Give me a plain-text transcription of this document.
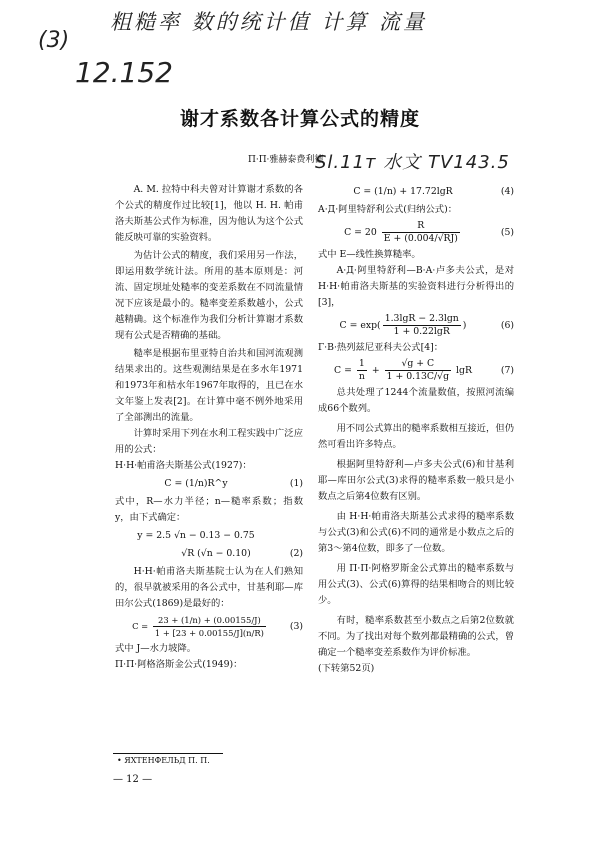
粗糙率 数的统计值 计算 流量
(3)
12.152
Sl.11т 水文 TV143.5
谢才系数各计算公式的精度
П·П·雅赫泰费利德

A. M. 拉特中科夫曾对计算谢才系数的各个公式的精度作过比较[1]，他以 H. H. 帕甫洛夫斯基公式作为标准，因为他认为这个公式能反映可靠的实验资料。

为估计公式的精度，我们采用另一作法，即运用数学统计法。所用的基本原则是：河流、固定坝址处糙率的变差系数在不同流量情况下应该是最小的。糙率变差系数越小，公式越精确。这个标准作为我们分析计算谢才系数现有公式是否精确的基础。

糙率是根据布里亚特自治共和国河流观测结果求出的。这些观测结果是在多水年1971和1973年和枯水年1967年取得的，且已在水文年鉴上发表[2]。在计算中毫不例外地采用了全部测出的流量。

计算时采用下列在水利工程实践中广泛应用的公式：

H·H·帕甫洛夫斯基公式(1927)：

C = (1/n)R^y	(1)

式中，R—水力半径；n—糙率系数；指数 y，由下式确定：

y = 2.5 √n − 0.13 − 0.75
√R (√n − 0.10)	(2)

H·H·帕甫洛夫斯基院士认为在人们熟知的，很早就被采用的各公式中，甘基利耶—库田尔公式(1869)是最好的：

$C = \frac{23 + (1/n) + (0.00155/J)}{1 + [23 + 0.00155/J](n/R)}$	(3)

式中 J—水力坡降。

П·П·阿格洛斯金公式(1949)：

C = (1/n) + 17.72lgR	(4)

A·Д·阿里特舒利公式(归纳公式)：

$C = 20 \frac{R}{E + (0.004/√RJ)}$	(5)

式中 E—线性换算糙率。

A·Д·阿里特舒利—B·A·卢多夫公式，是对 H·H·帕甫洛夫斯基的实验资料进行分析得出的[3]，

$C = \exp( \frac{1.3\lg R - 2.3\lg n}{1 + 0.22\lg R}$ )	(6)

Г·В·热列兹尼亚科夫公式[4]：

$C = \frac{1}{n} + \frac{√g + C}{1 + 0.13C/√g}$ lgR	(7)

总共处理了1244个流量数值，按照河流编成66个数列。

用不同公式算出的糙率系数相互接近，但仍然可看出许多特点。

根据阿里特舒利—卢多夫公式(6)和甘基利耶—库田尔公式(3)求得的糙率系数一般只是小数点之后第4位数有区别。

由 H·H·帕甫洛夫斯基公式求得的糙率系数与公式(3)和公式(6)不同的通常是小数点之后的第3～第4位数，即多了一位数。

用 П·П·阿格罗斯金公式算出的糙率系数与用公式(3)、公式(6)算得的结果相吻合的则比较少。

有时，糙率系数甚至小数点之后第2位数就不同。为了找出对每个数列都最精确的公式，曾确定一个糙率变差系数作为评价标准。

(下转第52页)

• ЯХТЕНФЕЛЬД П. П.
— 12 —
